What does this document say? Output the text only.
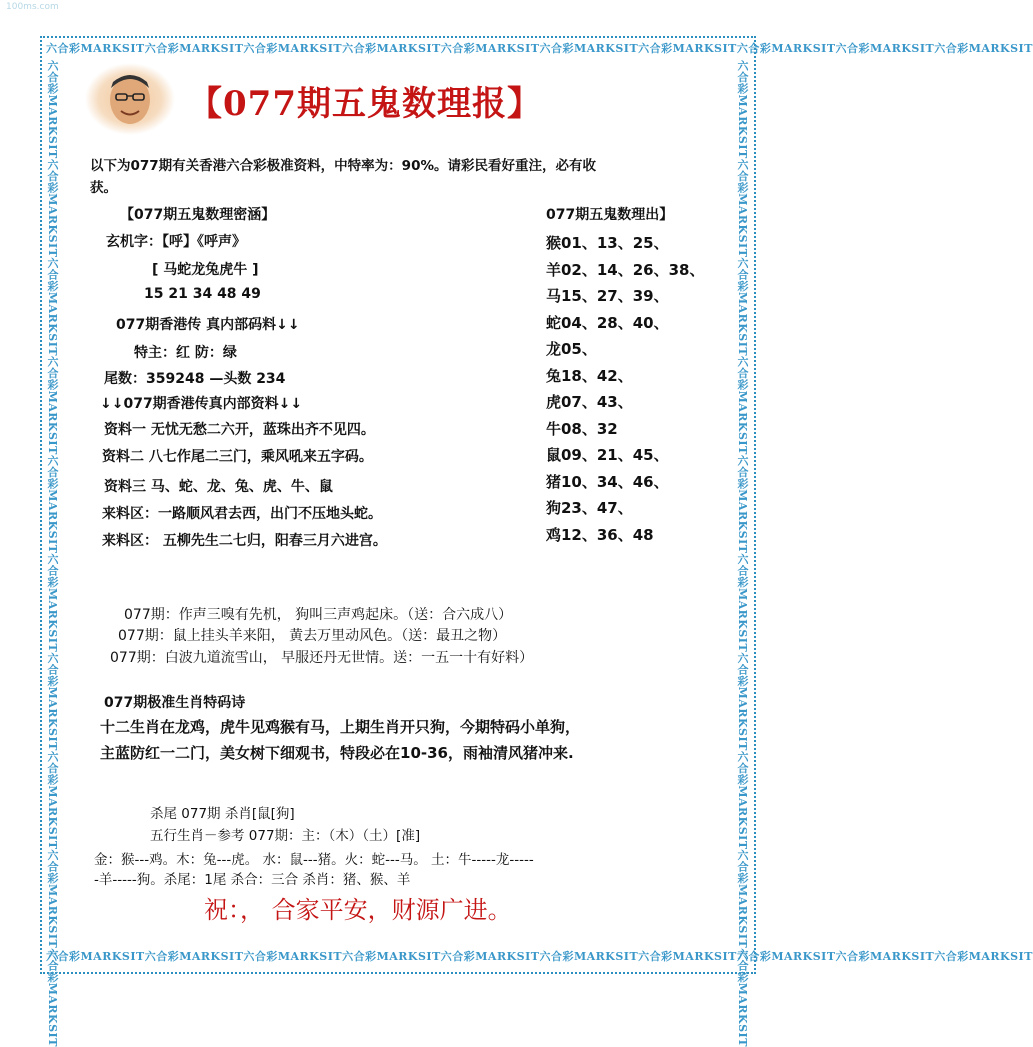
100ms.com
六合彩MARKSIT六合彩MARKSIT六合彩MARKSIT六合彩MARKSIT六合彩MARKSIT六合彩MARKSIT六合彩MARKSIT六合彩MARKSIT六合彩MARKSIT六合彩MARKSIT
六合彩MARKSIT六合彩MARKSIT六合彩MARKSIT六合彩MARKSIT六合彩MARKSIT六合彩MARKSIT六合彩MARKSIT六合彩MARKSIT六合彩MARKSIT六合彩MARKSIT
六合彩MARKSIT六合彩MARKSIT六合彩MARKSIT六合彩MARKSIT六合彩MARKSIT六合彩MARKSIT六合彩MARKSIT六合彩MARKSIT六合彩MARKSIT六合彩MARKSIT	六合彩MARKSIT六合彩MARKSIT六合彩MARKSIT六合彩MARKSIT六合彩MARKSIT六合彩MARKSIT六合彩MARKSIT六合彩MARKSIT六合彩MARKSIT六合彩MARKSIT
【077期五鬼数理报】
以下为077期有关香港六合彩极准资料，中特率为：90%。请彩民看好重注，必有收
获。
【077期五鬼数理密涵】
玄机字：【呼】《呼声》
[ 马蛇龙兔虎牛 ]
15 21 34 48 49
077期香港传 真内部码料↓↓
特主：红 防：绿
尾数：359248 —头数 234
↓↓077期香港传真内部资料↓↓
资料一 无忧无愁二六开，蓝珠出齐不见四。
资料二 八七作尾二三门，乘风吼来五字码。
资料三 马、蛇、龙、兔、虎、牛、鼠
来料区：一路顺风君去西，出门不压地头蛇。
来料区： 五柳先生二七归，阳春三月六进宫。
077期五鬼数理出】
猴01、13、25、
羊02、14、26、38、
马15、27、39、
蛇04、28、40、
龙05、
兔18、42、
虎07、43、
牛08、32
鼠09、21、45、
猪10、34、46、
狗23、47、
鸡12、36、48
077期：作声三嗅有先机， 狗叫三声鸡起床。（送：合六成八）
077期：鼠上挂头羊来阳， 黄去万里动风色。（送：最丑之物）
077期：白波九道流雪山， 早服还丹无世情。送：一五一十有好料）
077期极准生肖特码诗
十二生肖在龙鸡，虎牛见鸡猴有马，上期生肖开只狗，今期特码小单狗，
主蓝防红一二门，美女树下细观书，特段必在10-36，雨袖清风猪冲来.
杀尾 077期 杀肖[鼠[狗]
五行生肖－参考 077期：主：（木）（土）[准]
金：猴---鸡。木：兔---虎。 水：鼠---猪。火：蛇---马。 土：牛-----龙-----
-羊-----狗。杀尾：1尾 杀合：三合 杀肖：猪、猴、羊
祝：， 合家平安，财源广进。
